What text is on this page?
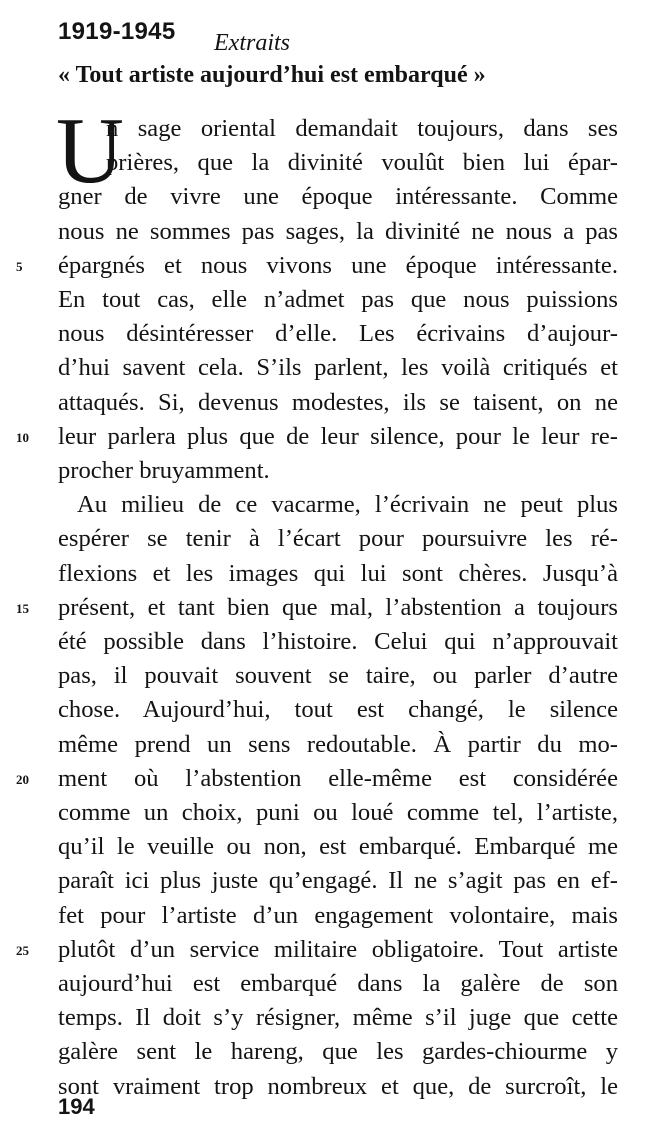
1919-1945 Extraits
« Tout artiste aujourd’hui est embarqué »
U
n sage oriental demandait toujours, dans ses
prières, que la divinité voulût bien lui épar-
gner de vivre une époque intéressante. Comme
nous ne sommes pas sages, la divinité ne nous a pas
épargnés et nous vivons une époque intéressante.
En tout cas, elle n’admet pas que nous puissions
nous désintéresser d’elle. Les écrivains d’aujour-
d’hui savent cela. S’ils parlent, les voilà critiqués et
attaqués. Si, devenus modestes, ils se taisent, on ne
leur parlera plus que de leur silence, pour le leur re-
procher bruyamment.
Au milieu de ce vacarme, l’écrivain ne peut plus
espérer se tenir à l’écart pour poursuivre les ré-
flexions et les images qui lui sont chères. Jusqu’à
présent, et tant bien que mal, l’abstention a toujours
été possible dans l’histoire. Celui qui n’approuvait
pas, il pouvait souvent se taire, ou parler d’autre
chose. Aujourd’hui, tout est changé, le silence
même prend un sens redoutable. À partir du mo-
ment où l’abstention elle-même est considérée
comme un choix, puni ou loué comme tel, l’artiste,
qu’il le veuille ou non, est embarqué. Embarqué me
paraît ici plus juste qu’engagé. Il ne s’agit pas en ef-
fet pour l’artiste d’un engagement volontaire, mais
plutôt d’un service militaire obligatoire. Tout artiste
aujourd’hui est embarqué dans la galère de son
temps. Il doit s’y résigner, même s’il juge que cette
galère sent le hareng, que les gardes-chiourme y
sont vraiment trop nombreux et que, de surcroît, le
5
10
15
20
25
194
